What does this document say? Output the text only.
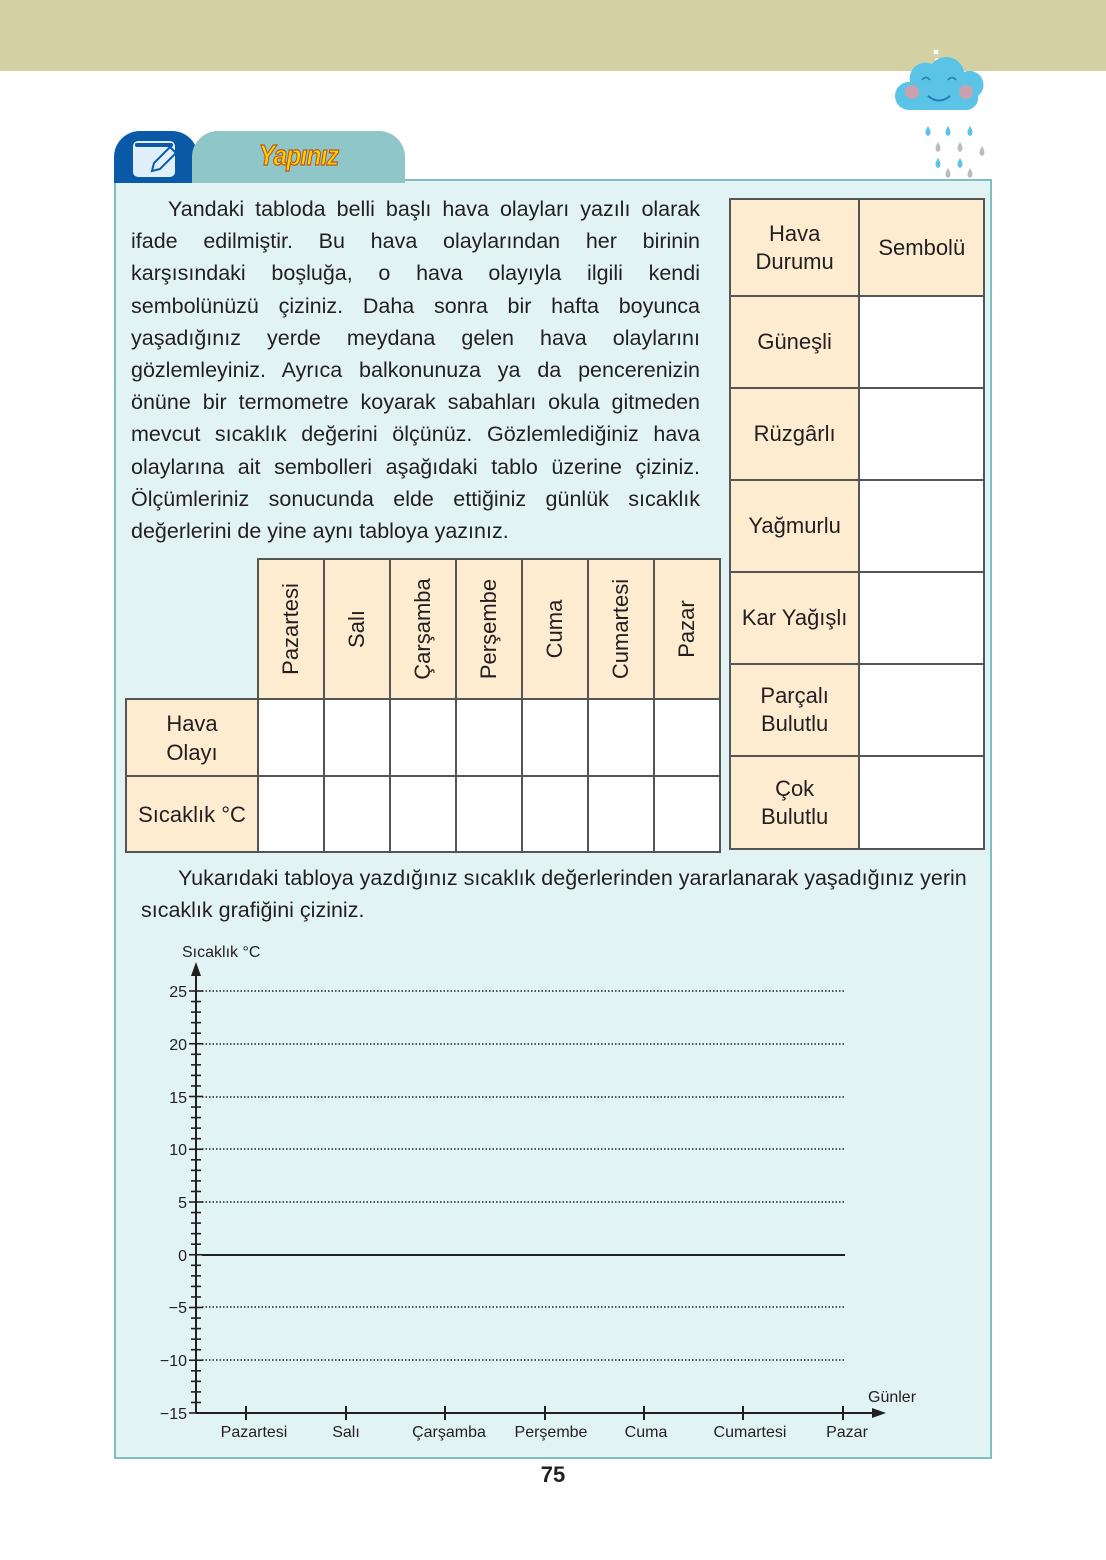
Yapınız

Yandaki tabloda belli başlı hava olayları yazılı olarak ifade edilmiştir. Bu hava olaylarından her birinin karşısındaki boşluğa, o hava olayıyla ilgili kendi sembolünüzü çiziniz. Daha sonra bir hafta boyunca yaşadığınız yerde meydana gelen hava olaylarını gözlemleyiniz. Ayrıca balkonunuza ya da pencerenizin önüne bir termometre koyarak sabahları okula gitmeden mevcut sıcaklık değerini ölçünüz. Gözlemlediğiniz hava olaylarına ait sembolleri aşağıdaki tablo üzerine çiziniz. Ölçümleriniz sonucunda elde ettiğiniz günlük sıcaklık değerlerini de yine aynı tabloya yazınız.

Hava Durumu	Sembolü
Güneşli	
Rüzgârlı	
Yağmurlu	
Kar Yağışlı	
Parçalı Bulutlu	
Çok Bulutlu	

	Pazartesi	Salı	Çarşamba	Perşembe	Cuma	Cumartesi	Pazar

Hava Olayı							
Sıcaklık °C							

Yukarıdaki tabloya yazdığınız sıcaklık değerlerinden yararlanarak yaşadığınız yerin sıcaklık grafiğini çiziniz.

Sıcaklık °C
Günler
25
20
15
10
5
0
−5
−10
−15
Pazartesi	Salı	Çarşamba Perşembe Cuma	Cumartesi Pazar
75
